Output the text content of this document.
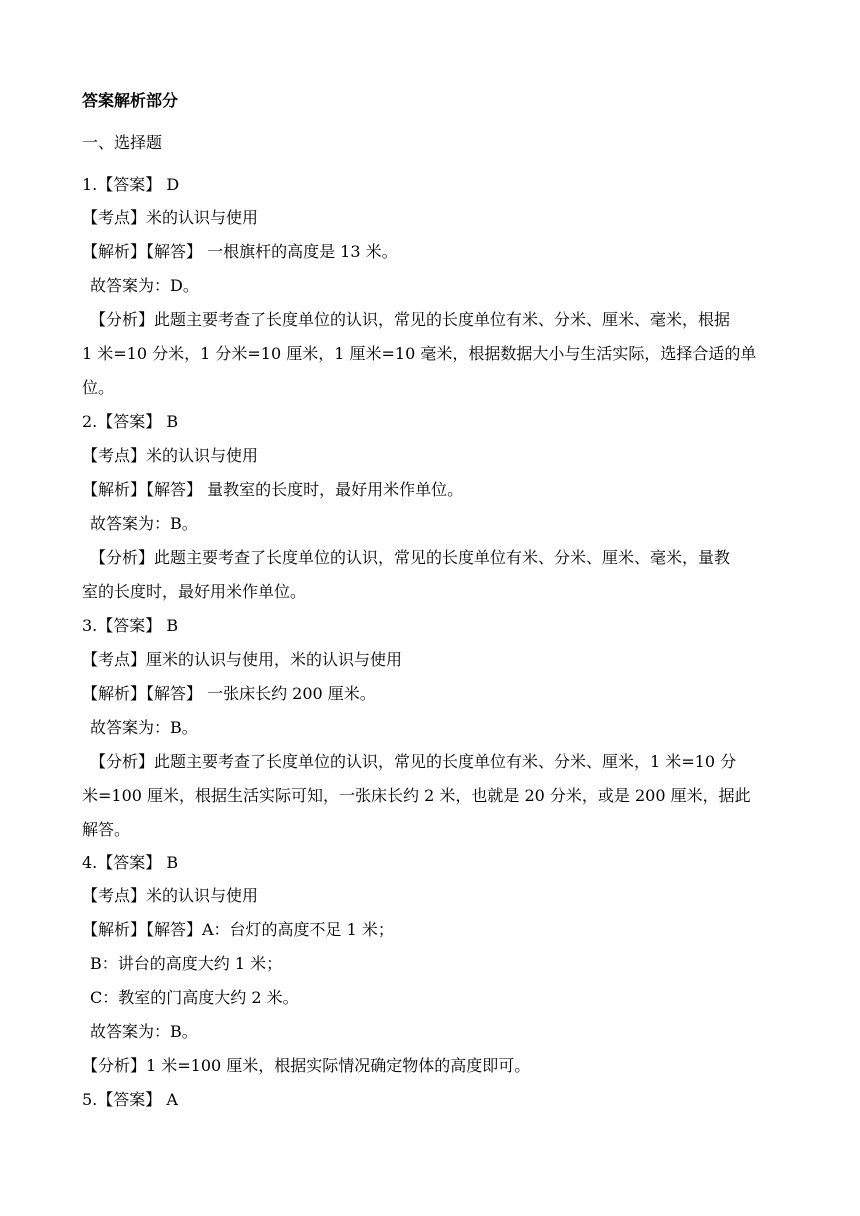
答案解析部分
一、选择题
1.【答案】 D
【考点】米的认识与使用
【解析】【解答】 一根旗杆的高度是 13 米。
故答案为：D。
【分析】此题主要考查了长度单位的认识，常见的长度单位有米、分米、厘米、毫米，根据
1 米=10 分米，1 分米=10 厘米，1 厘米=10 毫米，根据数据大小与生活实际，选择合适的单
位。
2.【答案】 B
【考点】米的认识与使用
【解析】【解答】 量教室的长度时，最好用米作单位。
故答案为：B。
【分析】此题主要考查了长度单位的认识，常见的长度单位有米、分米、厘米、毫米，量教
室的长度时，最好用米作单位。
3.【答案】 B
【考点】厘米的认识与使用，米的认识与使用
【解析】【解答】 一张床长约 200 厘米。
故答案为：B。
【分析】此题主要考查了长度单位的认识，常见的长度单位有米、分米、厘米，1 米=10 分
米=100 厘米，根据生活实际可知，一张床长约 2 米，也就是 20 分米，或是 200 厘米，据此
解答。
4.【答案】 B
【考点】米的认识与使用
【解析】【解答】A：台灯的高度不足 1 米；
B：讲台的高度大约 1 米；
C：教室的门高度大约 2 米。
故答案为：B。
【分析】1 米=100 厘米，根据实际情况确定物体的高度即可。
5.【答案】 A
